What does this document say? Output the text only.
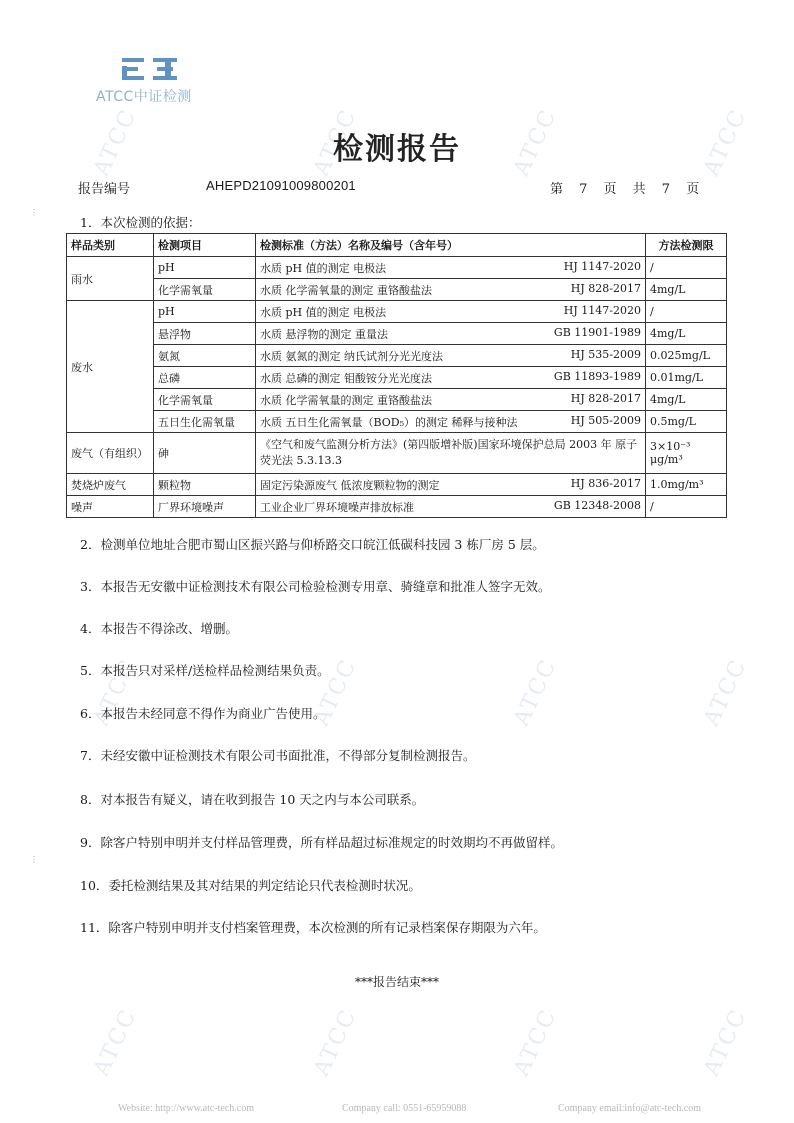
ATCC	ATCC	ATCC	ATCC
ATCC	ATCC	ATCC	ATCC
ATCC	ATCC	ATCC
ATCC
ATCC中证检测
检测报告
报告编号	AHEPD21091009800201	第 7 页 共 7 页
⋮
⋮
1．本次检测的依据：
样品类别	检测项目	检测标准（方法）名称及编号（含年号）	方法检测限
雨水	pH	水质 pH 值的测定 电极法 HJ 1147-2020	/
	化学需氧量	水质 化学需氧量的测定 重铬酸盐法 HJ 828-2017	4mg/L
废水	pH	水质 pH 值的测定 电极法 HJ 1147-2020	/
	悬浮物	水质 悬浮物的测定 重量法 GB 11901-1989	4mg/L
	氨氮	水质 氨氮的测定 纳氏试剂分光光度法 HJ 535-2009	0.025mg/L
	总磷	水质 总磷的测定 钼酸铵分光光度法 GB 11893-1989	0.01mg/L
	化学需氧量	水质 化学需氧量的测定 重铬酸盐法 HJ 828-2017	4mg/L
	五日生化需氧量	水质 五日生化需氧量（BOD₅）的测定 稀释与接种法 HJ 505-2009	0.5mg/L
废气（有组织）	砷	《空气和废气监测分析方法》(第四版增补版)国家环境保护总局 2003 年 原子荧光法 5.3.13.3	3×10⁻³ μg/m³
焚烧炉废气	颗粒物	固定污染源废气 低浓度颗粒物的测定 HJ 836-2017	1.0mg/m³
噪声	厂界环境噪声	工业企业厂界环境噪声排放标准 GB 12348-2008	/
2．检测单位地址合肥市蜀山区振兴路与仰桥路交口皖江低碳科技园 3 栋厂房 5 层。
3．本报告无安徽中证检测技术有限公司检验检测专用章、骑缝章和批准人签字无效。
4．本报告不得涂改、增删。
5．本报告只对采样/送检样品检测结果负责。
6．本报告未经同意不得作为商业广告使用。
7．未经安徽中证检测技术有限公司书面批准，不得部分复制检测报告。
8．对本报告有疑义，请在收到报告 10 天之内与本公司联系。
9．除客户特别申明并支付样品管理费，所有样品超过标准规定的时效期均不再做留样。
10．委托检测结果及其对结果的判定结论只代表检测时状况。
11．除客户特别申明并支付档案管理费，本次检测的所有记录档案保存期限为六年。
***报告结束***
Website: http://www.atc-tech.com	Company call: 0551-65959088	Company email:info@atc-tech.com
